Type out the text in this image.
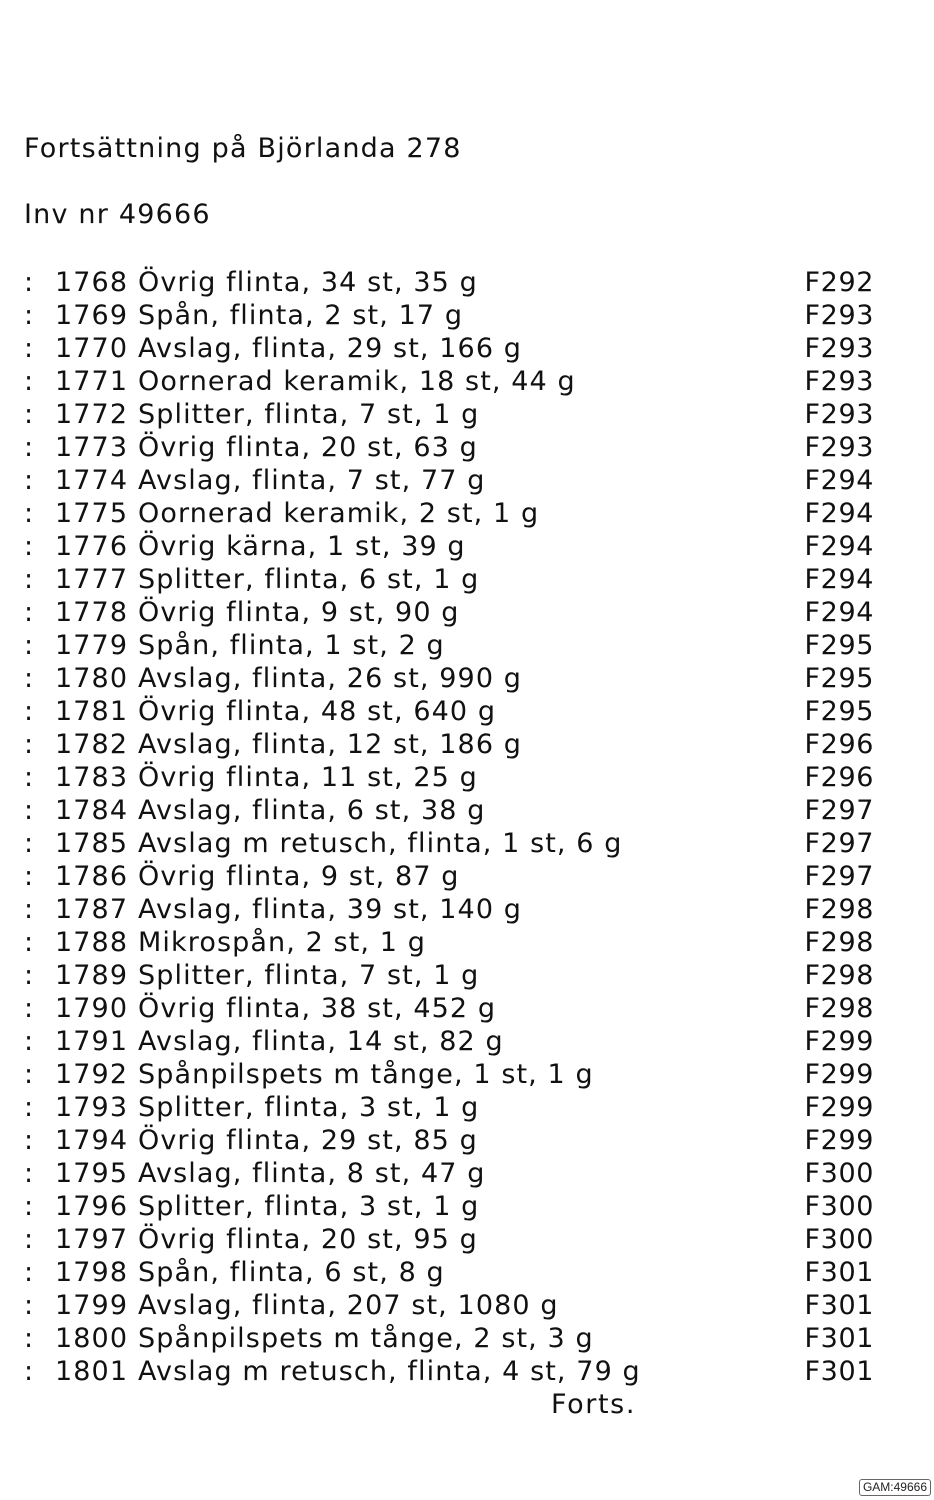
Fortsättning på Björlanda 278
Inv nr 49666
: 1768 Övrig flinta, 34 st, 35 g	F292
: 1769 Spån, flinta, 2 st, 17 g	F293
: 1770 Avslag, flinta, 29 st, 166 g	F293
: 1771 Oornerad keramik, 18 st, 44 g	F293
: 1772 Splitter, flinta, 7 st, 1 g	F293
: 1773 Övrig flinta, 20 st, 63 g	F293
: 1774 Avslag, flinta, 7 st, 77 g	F294
: 1775 Oornerad keramik, 2 st, 1 g	F294
: 1776 Övrig kärna, 1 st, 39 g	F294
: 1777 Splitter, flinta, 6 st, 1 g	F294
: 1778 Övrig flinta, 9 st, 90 g	F294
: 1779 Spån, flinta, 1 st, 2 g	F295
: 1780 Avslag, flinta, 26 st, 990 g	F295
: 1781 Övrig flinta, 48 st, 640 g	F295
: 1782 Avslag, flinta, 12 st, 186 g	F296
: 1783 Övrig flinta, 11 st, 25 g	F296
: 1784 Avslag, flinta, 6 st, 38 g	F297
: 1785 Avslag m retusch, flinta, 1 st, 6 g	F297
: 1786 Övrig flinta, 9 st, 87 g	F297
: 1787 Avslag, flinta, 39 st, 140 g	F298
: 1788 Mikrospån, 2 st, 1 g	F298
: 1789 Splitter, flinta, 7 st, 1 g	F298
: 1790 Övrig flinta, 38 st, 452 g	F298
: 1791 Avslag, flinta, 14 st, 82 g	F299
: 1792 Spånpilspets m tånge, 1 st, 1 g	F299
: 1793 Splitter, flinta, 3 st, 1 g	F299
: 1794 Övrig flinta, 29 st, 85 g	F299
: 1795 Avslag, flinta, 8 st, 47 g	F300
: 1796 Splitter, flinta, 3 st, 1 g	F300
: 1797 Övrig flinta, 20 st, 95 g	F300
: 1798 Spån, flinta, 6 st, 8 g	F301
: 1799 Avslag, flinta, 207 st, 1080 g	F301
: 1800 Spånpilspets m tånge, 2 st, 3 g	F301
: 1801 Avslag m retusch, flinta, 4 st, 79 g	F301
Forts.
GAM:49666
